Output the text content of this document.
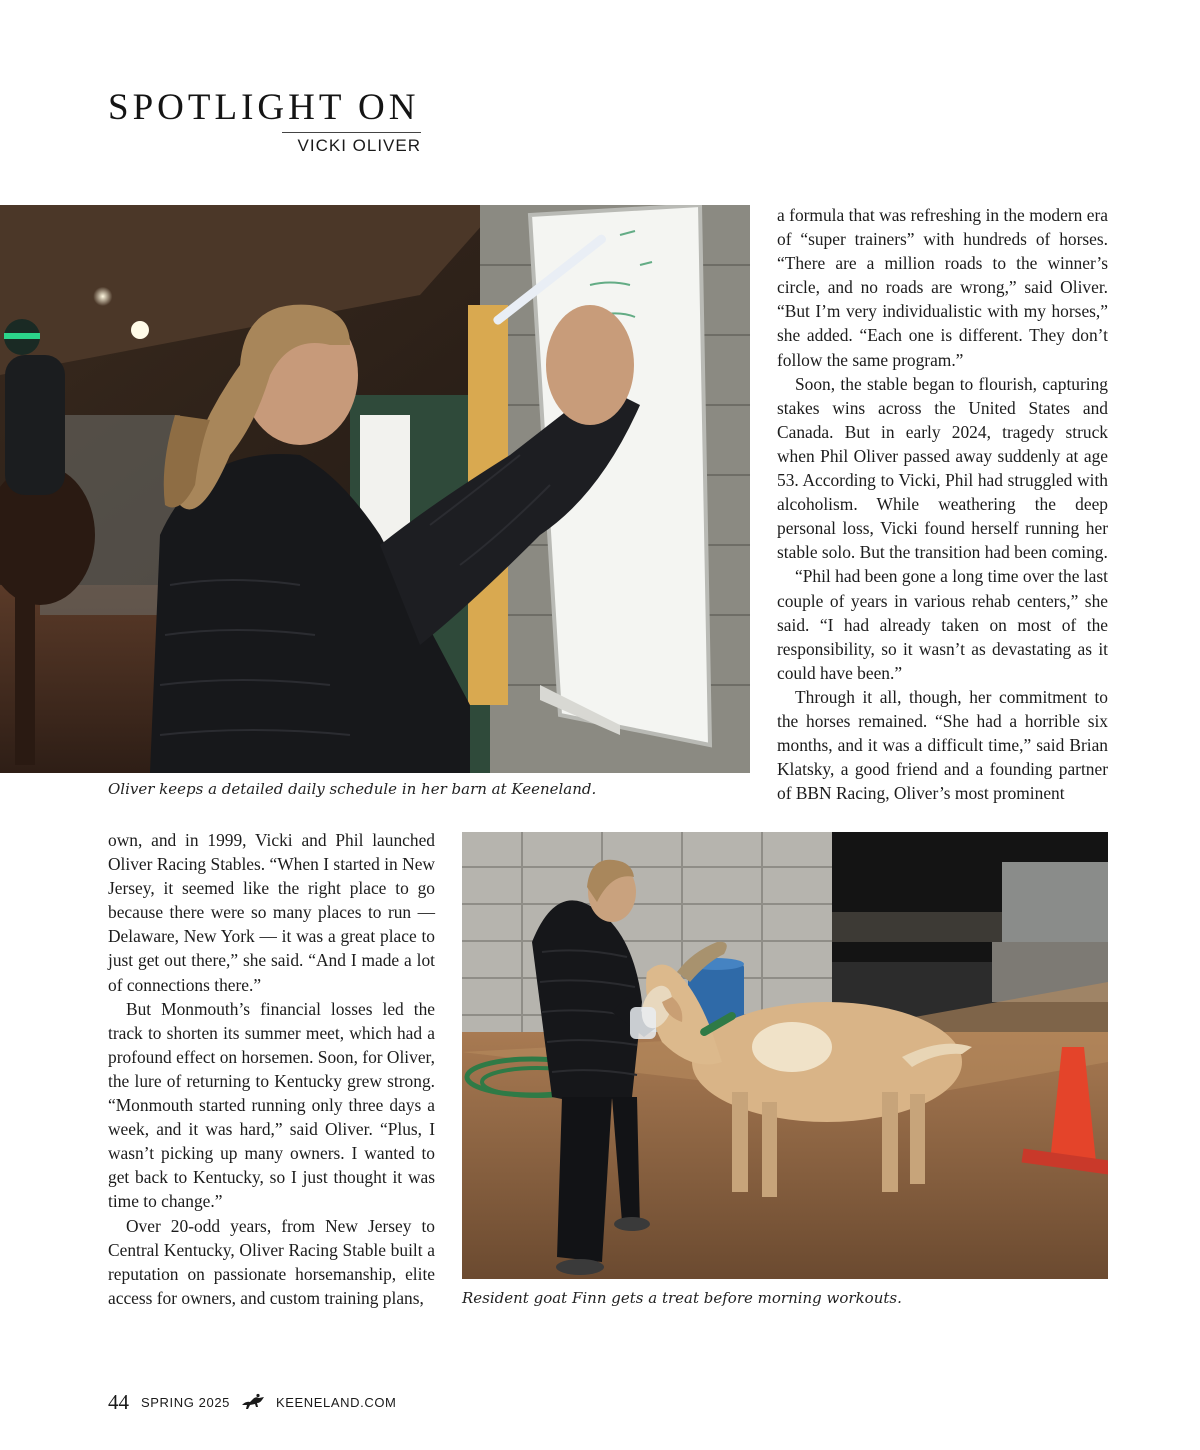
SPOTLIGHT ON
VICKI OLIVER
Oliver keeps a detailed daily schedule in her barn at Keeneland.

a formula that was refreshing in the modern era of “super trainers” with hundreds of horses. “There are a million roads to the winner’s circle, and no roads are wrong,” said Oliver. “But I’m very individualistic with my horses,” she added. “Each one is different. They don’t follow the same program.”

Soon, the stable began to flourish, capturing stakes wins across the United States and Canada. But in early 2024, tragedy struck when Phil Oliver passed away suddenly at age 53. According to Vicki, Phil had struggled with alcoholism. While weathering the deep personal loss, Vicki found herself running her stable solo. But the transition had been coming.

“Phil had been gone a long time over the last couple of years in various rehab centers,” she said. “I had already taken on most of the responsibility, so it wasn’t as devastating as it could have been.”

Through it all, though, her commitment to the horses remained. “She had a horrible six months, and it was a difficult time,” said Brian Klatsky, a good friend and a founding partner of BBN Racing, Oliver’s most prominent

own, and in 1999, Vicki and Phil launched Oliver Racing Stables. “When I started in New Jersey, it seemed like the right place to go because there were so many places to run — Delaware, New York — it was a great place to just get out there,” she said. “And I made a lot of connections there.”

But Monmouth’s financial losses led the track to shorten its summer meet, which had a profound effect on horsemen. Soon, for Oliver, the lure of returning to Kentucky grew strong. “Monmouth started running only three days a week, and it was hard,” said Oliver. “Plus, I wasn’t picking up many owners. I wanted to get back to Kentucky, so I just thought it was time to change.”

Over 20-odd years, from New Jersey to Central Kentucky, Oliver Racing Stable built a reputation on passionate horsemanship, elite access for owners, and custom training plans,	Resident goat Finn gets a treat before morning workouts.
44 SPRING 2025	KEENELAND.COM
